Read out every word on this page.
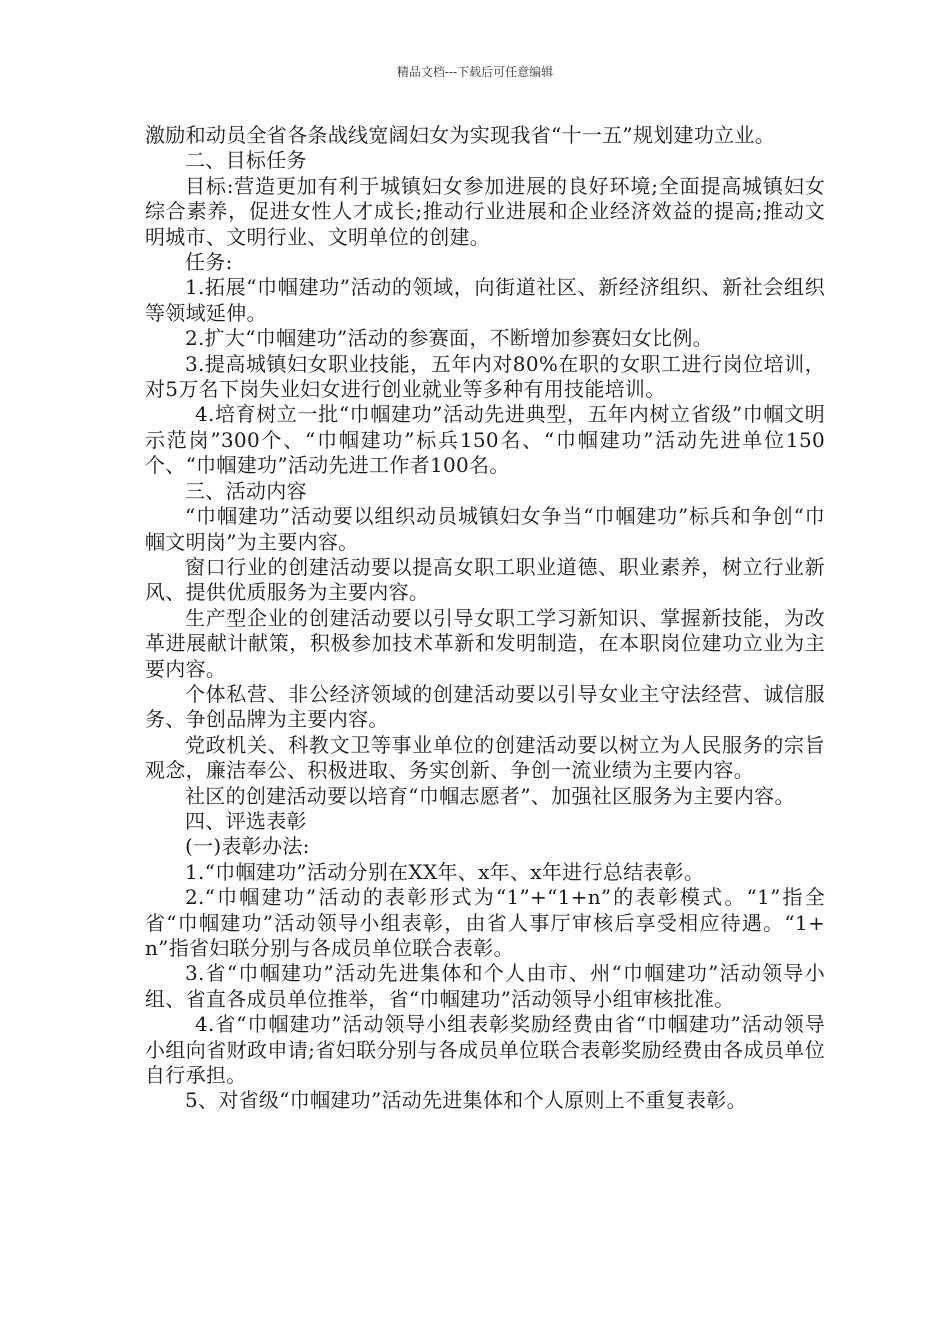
精品文档---下载后可任意编辑

激励和动员全省各条战线宽阔妇女为实现我省“十一五”规划建功立业。

二、目标任务

目标:营造更加有利于城镇妇女参加进展的良好环境;全面提高城镇妇女综合素养，促进女性人才成长;推动行业进展和企业经济效益的提高;推动文明城市、文明行业、文明单位的创建。

任务:

1.拓展“巾帼建功”活动的领域，向街道社区、新经济组织、新社会组织等领域延伸。

2.扩大“巾帼建功”活动的参赛面，不断增加参赛妇女比例。

3.提高城镇妇女职业技能，五年内对80%在职的女职工进行岗位培训，对5万名下岗失业妇女进行创业就业等多种有用技能培训。

4.培育树立一批“巾帼建功”活动先进典型，五年内树立省级”巾帼文明示范岗”300个、“巾帼建功”标兵150名、“巾帼建功”活动先进单位150个、“巾帼建功”活动先进工作者100名。

三、活动内容

“巾帼建功”活动要以组织动员城镇妇女争当“巾帼建功”标兵和争创“巾帼文明岗”为主要内容。

窗口行业的创建活动要以提高女职工职业道德、职业素养，树立行业新风、提供优质服务为主要内容。

生产型企业的创建活动要以引导女职工学习新知识、掌握新技能，为改革进展献计献策，积极参加技术革新和发明制造，在本职岗位建功立业为主要内容。

个体私营、非公经济领域的创建活动要以引导女业主守法经营、诚信服务、争创品牌为主要内容。

党政机关、科教文卫等事业单位的创建活动要以树立为人民服务的宗旨观念，廉洁奉公、积极进取、务实创新、争创一流业绩为主要内容。

社区的创建活动要以培育“巾帼志愿者”、加强社区服务为主要内容。

四、评选表彰

(一)表彰办法:

1.“巾帼建功”活动分别在XX年、x年、x年进行总结表彰。

2.“巾帼建功”活动的表彰形式为“1”+“1+n”的表彰模式。“1”指全省“巾帼建功”活动领导小组表彰，由省人事厅审核后享受相应待遇。“1+n”指省妇联分别与各成员单位联合表彰。

3.省“巾帼建功”活动先进集体和个人由市、州“巾帼建功”活动领导小组、省直各成员单位推举，省“巾帼建功”活动领导小组审核批准。

4.省“巾帼建功”活动领导小组表彰奖励经费由省“巾帼建功”活动领导小组向省财政申请;省妇联分别与各成员单位联合表彰奖励经费由各成员单位自行承担。

5、对省级“巾帼建功”活动先进集体和个人原则上不重复表彰。
